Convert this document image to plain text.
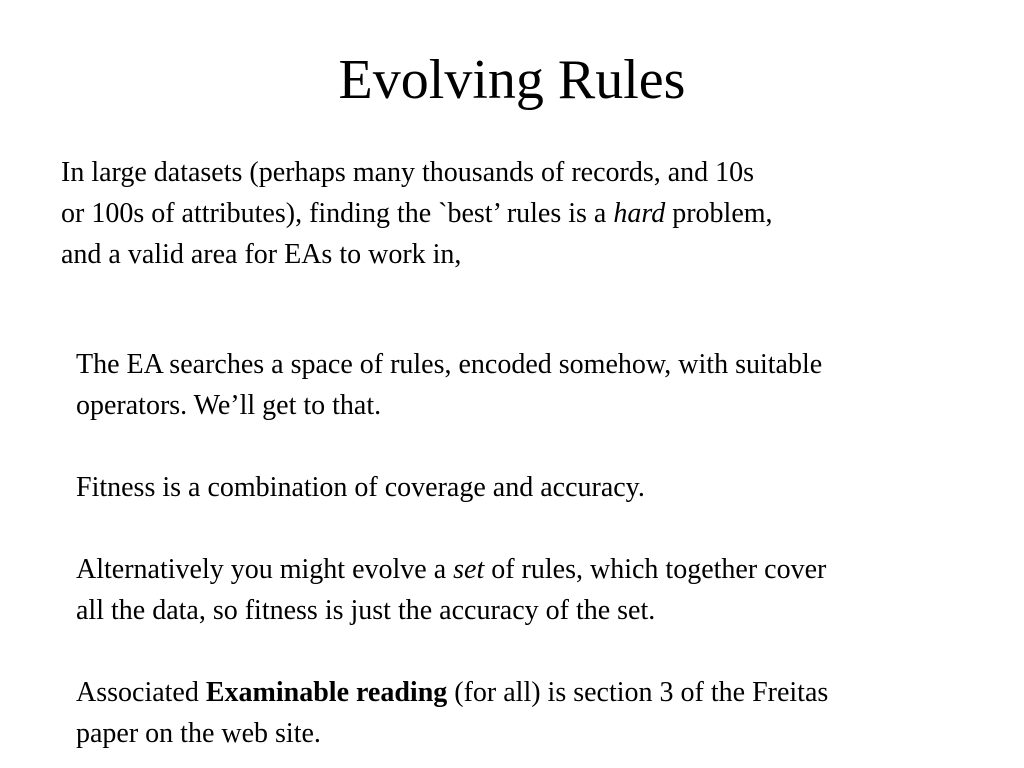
Evolving Rules
In large datasets (perhaps many thousands of records, and 10s
or 100s of attributes), finding the `best’ rules is a hard problem,
and a valid area for EAs to work in,

The EA searches a space of rules, encoded somehow, with suitable
operators. We’ll get to that.

Fitness is a combination of coverage and accuracy.

Alternatively you might evolve a set of rules, which together cover
all the data, so fitness is just the accuracy of the set.

Associated Examinable reading (for all) is section 3 of the Freitas
paper on the web site.
